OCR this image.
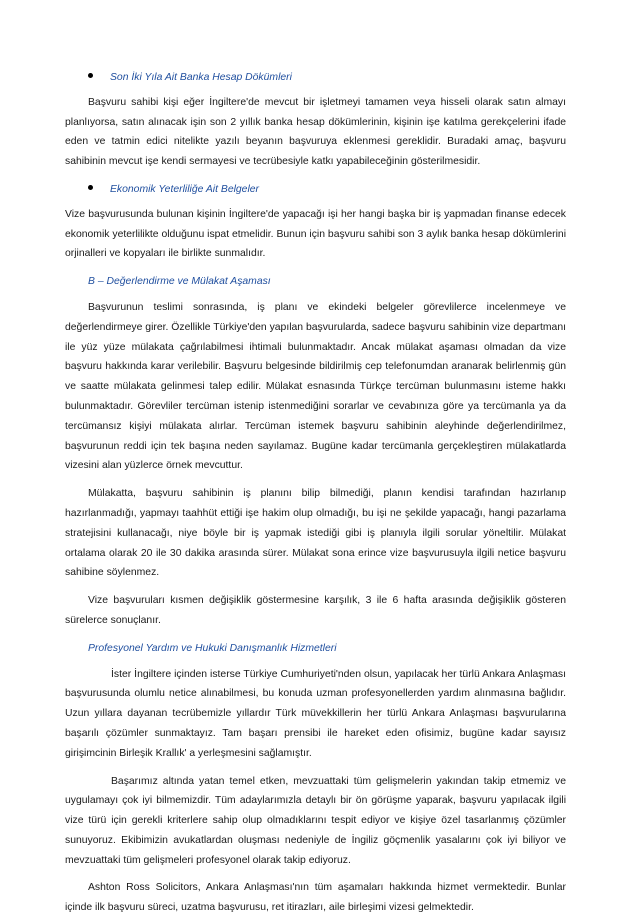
Son İki Yıla Ait Banka Hesap Dökümleri

Başvuru sahibi kişi eğer İngiltere'de mevcut bir işletmeyi tamamen veya hisseli olarak satın almayı planlıyorsa, satın alınacak işin son 2 yıllık banka hesap dökümlerinin, kişinin işe katılma gerekçelerini ifade eden ve tatmin edici nitelikte yazılı beyanın başvuruya eklenmesi gereklidir. Buradaki amaç, başvuru sahibinin mevcut işe kendi sermayesi ve tecrübesiyle katkı yapabileceğinin gösterilmesidir.

Ekonomik Yeterliliğe Ait Belgeler

Vize başvurusunda bulunan kişinin İngiltere'de yapacağı işi her hangi başka bir iş yapmadan finanse edecek ekonomik yeterlilikte olduğunu ispat etmelidir. Bunun için başvuru sahibi son 3 aylık banka hesap dökümlerini orjinalleri ve kopyaları ile birlikte sunmalıdır.

B – Değerlendirme ve Mülakat Aşaması

Başvurunun teslimi sonrasında, iş planı ve ekindeki belgeler görevlilerce incelenmeye ve değerlendirmeye girer. Özellikle Türkiye'den yapılan başvurularda, sadece başvuru sahibinin vize departmanı ile yüz yüze mülakata çağrılabilmesi ihtimali bulunmaktadır. Ancak mülakat aşaması olmadan da vize başvuru hakkında karar verilebilir. Başvuru belgesinde bildirilmiş cep telefonumdan aranarak belirlenmiş gün ve saatte mülakata gelinmesi talep edilir. Mülakat esnasında Türkçe tercüman bulunmasını isteme hakkı bulunmaktadır. Görevliler tercüman istenip istenmediğini sorarlar ve cevabınıza göre ya tercümanla ya da tercümansız kişiyi mülakata alırlar. Tercüman istemek başvuru sahibinin aleyhinde değerlendirilmez, başvurunun reddi için tek başına neden sayılamaz. Bugüne kadar tercümanla gerçekleştiren mülakatlarda vizesini alan yüzlerce örnek mevcuttur.

Mülakatta, başvuru sahibinin iş planını bilip bilmediği, planın kendisi tarafından hazırlanıp hazırlanmadığı, yapmayı taahhüt ettiği işe hakim olup olmadığı, bu işi ne şekilde yapacağı, hangi pazarlama stratejisini kullanacağı, niye böyle bir iş yapmak istediği gibi iş planıyla ilgili sorular yöneltilir. Mülakat ortalama olarak 20 ile 30 dakika arasında sürer. Mülakat sona erince vize başvurusuyla ilgili netice başvuru sahibine söylenmez.

Vize başvuruları kısmen değişiklik göstermesine karşılık, 3 ile 6 hafta arasında değişiklik gösteren sürelerce sonuçlanır.

Profesyonel Yardım ve Hukuki Danışmanlık Hizmetleri

İster İngiltere içinden isterse Türkiye Cumhuriyeti'nden olsun, yapılacak her türlü Ankara Anlaşması başvurusunda olumlu netice alınabilmesi, bu konuda uzman profesyonellerden yardım alınmasına bağlıdır. Uzun yıllara dayanan tecrübemizle yıllardır Türk müvekkillerin her türlü Ankara Anlaşması başvurularına başarılı çözümler sunmaktayız. Tam başarı prensibi ile hareket eden ofisimiz, bugüne kadar sayısız girişimcinin Birleşik Krallık' a yerleşmesini sağlamıştır.

Başarımız altında yatan temel etken, mevzuattaki tüm gelişmelerin yakından takip etmemiz ve uygulamayı çok iyi bilmemizdir. Tüm adaylarımızla detaylı bir ön görüşme yaparak, başvuru yapılacak ilgili vize türü için gerekli kriterlere sahip olup olmadıklarını tespit ediyor ve kişiye özel tasarlanmış çözümler sunuyoruz. Ekibimizin avukatlardan oluşması nedeniyle de İngiliz göçmenlik yasalarını çok iyi biliyor ve mevzuattaki tüm gelişmeleri profesyonel olarak takip ediyoruz.

Ashton Ross Solicitors, Ankara Anlaşması'nın tüm aşamaları hakkında hizmet vermektedir. Bunlar içinde ilk başvuru süreci, uzatma başvurusu, ret itirazları, aile birleşimi vizesi gelmektedir.
